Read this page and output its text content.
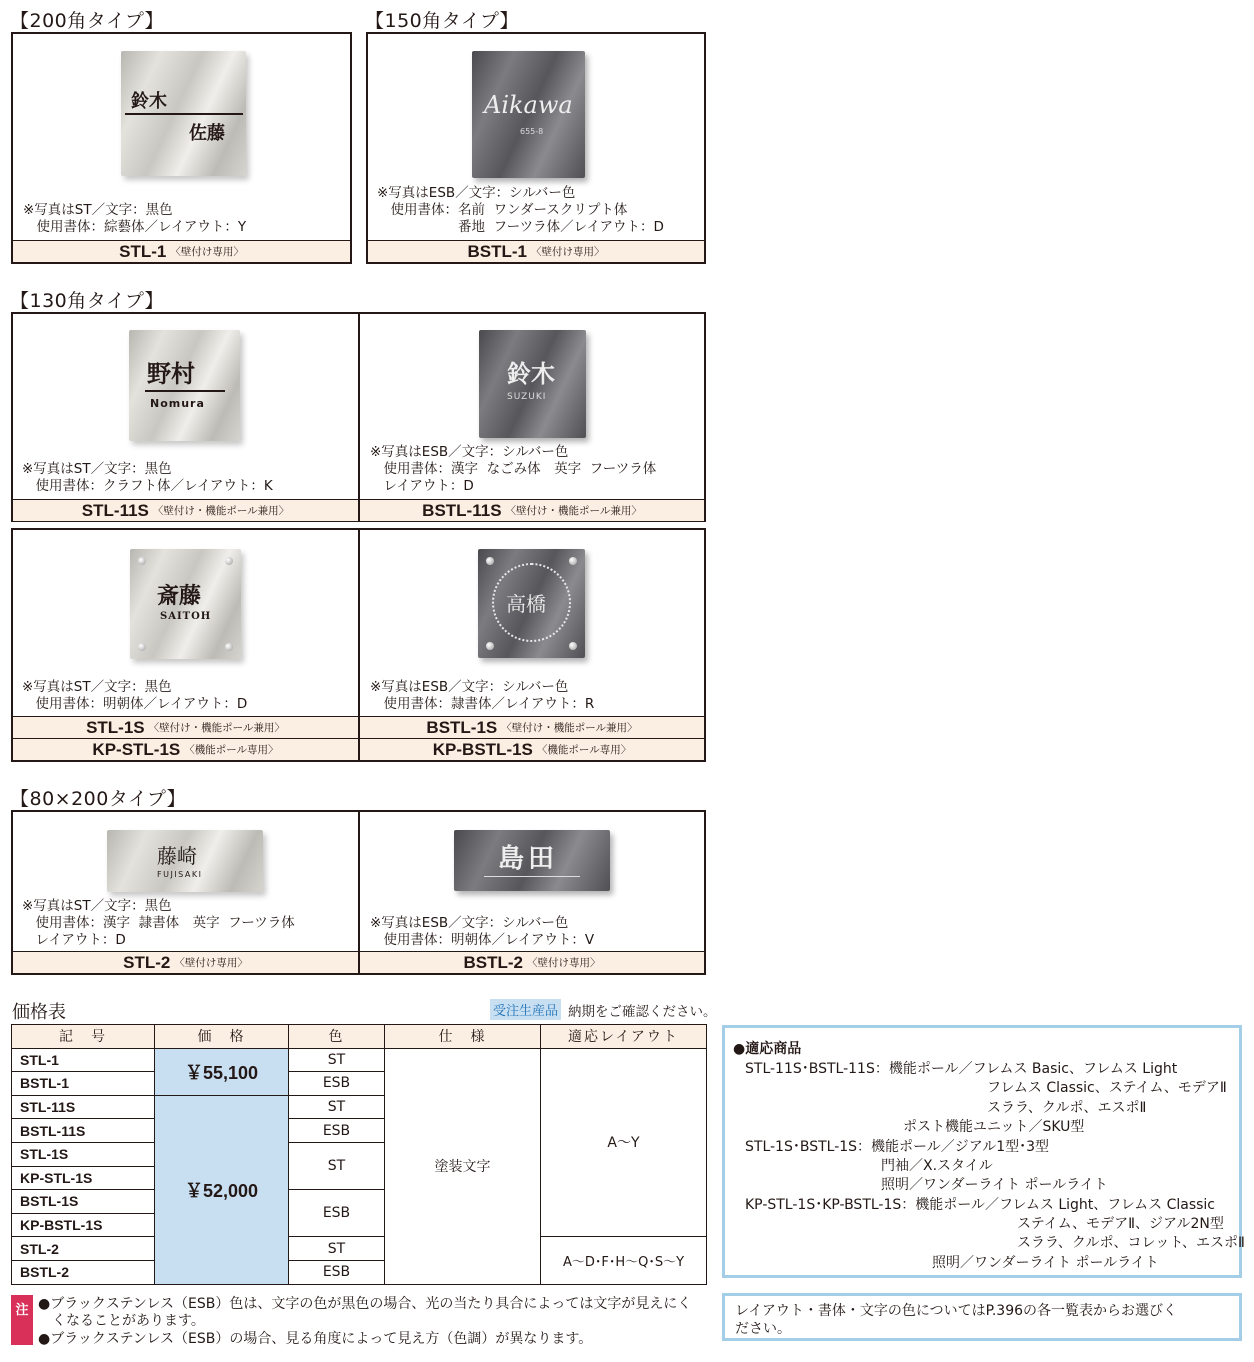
【200角タイプ】
鈴木
佐藤
※写真はST／文字：黒色
　使用書体：綜藝体／レイアウト：Y
STL-1 〈壁付け専用〉
【150角タイプ】
Aikawa
655-8
※写真はESB／文字：シルバー色
　使用書体：名前  ワンダースクリプト体
　　　　　　番地  フーツラ体／レイアウト：D
BSTL-1 〈壁付け専用〉
【130角タイプ】
野村
Nomura
※写真はST／文字：黒色
　使用書体：クラフト体／レイアウト：K
STL-11S 〈壁付け・機能ポール兼用〉
鈴木
SUZUKI
※写真はESB／文字：シルバー色
　使用書体：漢字  なごみ体　英字  フーツラ体
　レイアウト：D
BSTL-11S 〈壁付け・機能ポール兼用〉
斎藤
SAITOH
※写真はST／文字：黒色
　使用書体：明朝体／レイアウト：D
STL-1S 〈壁付け・機能ポール兼用〉
KP-STL-1S 〈機能ポール専用〉
高橋
※写真はESB／文字：シルバー色
　使用書体：隷書体／レイアウト：R
BSTL-1S 〈壁付け・機能ポール兼用〉
KP-BSTL-1S 〈機能ポール専用〉
【80×200タイプ】
藤崎
FUJISAKI
※写真はST／文字：黒色
　使用書体：漢字  隷書体　英字  フーツラ体
　レイアウト：D
STL-2 〈壁付け専用〉
島田
※写真はESB／文字：シルバー色
　使用書体：明朝体／レイアウト：V
BSTL-2 〈壁付け専用〉
価格表	受注生産品 納期をご確認ください。
記　号	価　格	色	仕　様	適応レイアウト
STL-1	￥55,100	ST	塗装文字	A～Y
BSTL-1		ESB		
STL-11S	￥52,000	ST		
BSTL-11S		ESB		
STL-1S		ST		
KP-STL-1S				
BSTL-1S		ESB		
KP-BSTL-1S				
STL-2		ST		A～D･F･H～Q･S～Y
BSTL-2		ESB		
注 ●ブラックステンレス（ESB）色は、文字の色が黒色の場合、光の当たり具合によっては文字が見えにく
　くなることがあります。
●ブラックステンレス（ESB）の場合、見る角度によって見え方（色調）が異なります。
●適応商品
STL-11S･BSTL-11S：機能ポール／フレムス Basic、フレムス Light
フレムス Classic、ステイム、モデアⅡ
スララ、クルポ、エスポⅡ
ポスト機能ユニット／SKU型
STL-1S･BSTL-1S：機能ポール／ジアル1型･3型
門袖／X.スタイル
照明／ワンダーライト ポールライト
KP-STL-1S･KP-BSTL-1S：機能ポール／フレムス Light、フレムス Classic
ステイム、モデアⅡ、ジアル2N型
スララ、クルポ、コレット、エスポⅡ
照明／ワンダーライト ポールライト
レイアウト・書体・文字の色についてはP.396の各一覧表からお選びく
ださい。
